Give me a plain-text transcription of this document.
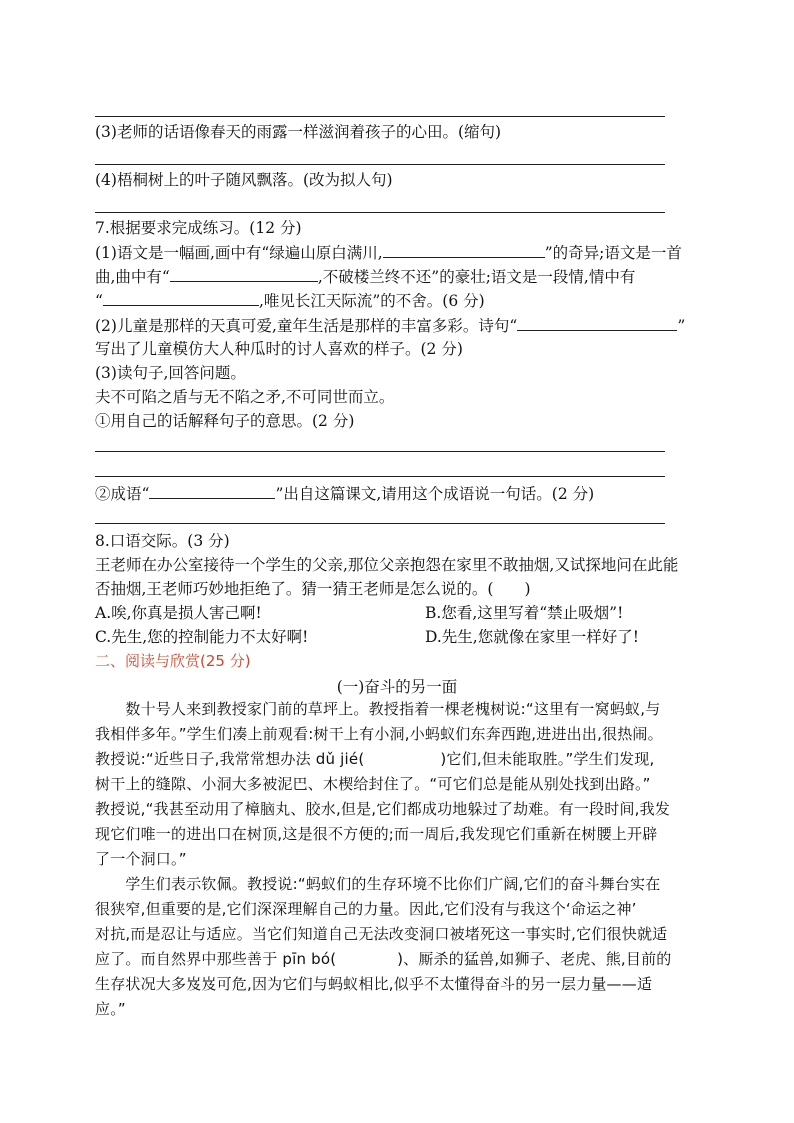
(3)老师的话语像春天的雨露一样滋润着孩子的心田。(缩句)
(4)梧桐树上的叶子随风飘落。(改为拟人句)
7.根据要求完成练习。(12 分)
(1)语文是一幅画,画中有“绿遍山原白满川,	”的奇异;语文是一首
曲,曲中有“	,不破楼兰终不还”的豪壮;语文是一段情,情中有
“	,唯见长江天际流”的不舍。(6 分)
(2)儿童是那样的天真可爱,童年生活是那样的丰富多彩。诗句“	”
写出了儿童模仿大人种瓜时的讨人喜欢的样子。(2 分)
(3)读句子,回答问题。
夫不可陷之盾与无不陷之矛,不可同世而立。
①用自己的话解释句子的意思。(2 分)
②成语“	”出自这篇课文,请用这个成语说一句话。(2 分)
8.口语交际。(3 分)
王老师在办公室接待一个学生的父亲,那位父亲抱怨在家里不敢抽烟,又试探地问在此能
否抽烟,王老师巧妙地拒绝了。猜一猜王老师是怎么说的。(　　)
A.唉,你真是损人害己啊!	B.您看,这里写着“禁止吸烟”!
C.先生,您的控制能力不太好啊!	D.先生,您就像在家里一样好了!
二、阅读与欣赏(25 分)
(一)奋斗的另一面

　　数十号人来到教授家门前的草坪上。教授指着一棵老槐树说:“这里有一窝蚂蚁,与

我相伴多年。”学生们凑上前观看:树干上有小洞,小蚂蚁们东奔西跑,进进出出,很热闹。

教授说:“近些日子,我常常想办法 dǔ jié(　　　　　)它们,但未能取胜。”学生们发现,

树干上的缝隙、小洞大多被泥巴、木楔给封住了。“可它们总是能从别处找到出路。”

教授说,“我甚至动用了樟脑丸、胶水,但是,它们都成功地躲过了劫难。有一段时间,我发

现它们唯一的进出口在树顶,这是很不方便的;而一周后,我发现它们重新在树腰上开辟

了一个洞口。”

　　学生们表示钦佩。教授说:“蚂蚁们的生存环境不比你们广阔,它们的奋斗舞台实在

很狭窄,但重要的是,它们深深理解自己的力量。因此,它们没有与我这个‘命运之神’

对抗,而是忍让与适应。当它们知道自己无法改变洞口被堵死这一事实时,它们很快就适

应了。而自然界中那些善于 pīn bó(　　　　)、厮杀的猛兽,如狮子、老虎、熊,目前的

生存状况大多岌岌可危,因为它们与蚂蚁相比,似乎不太懂得奋斗的另一层力量——适

应。”
